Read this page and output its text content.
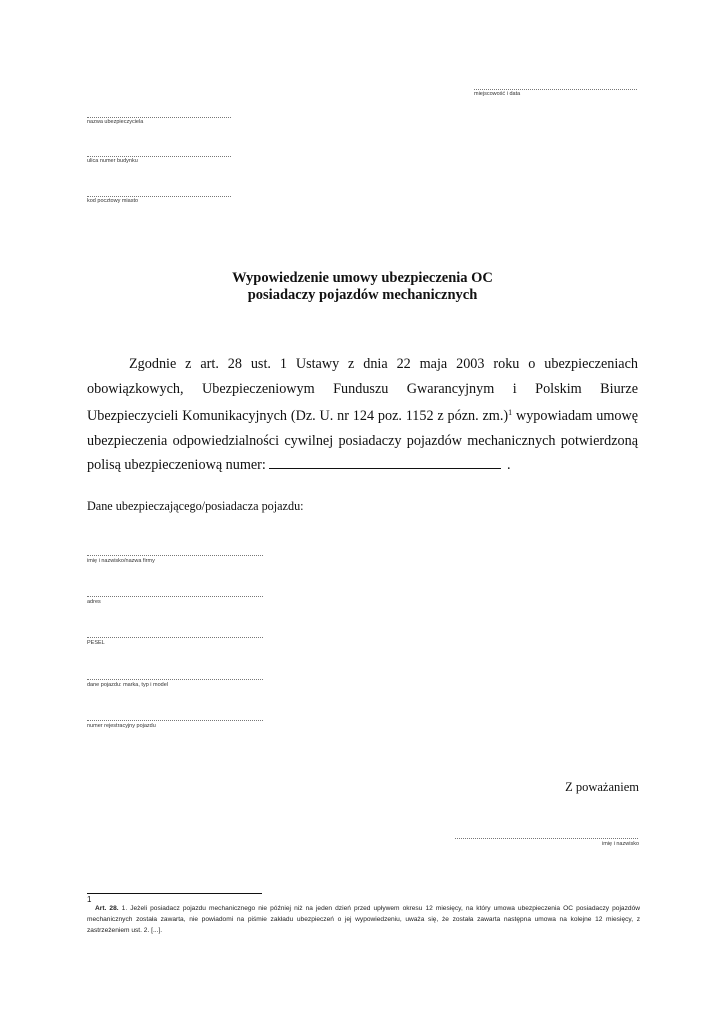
miejscowość i data
nazwa ubezpieczyciela
ulica numer budynku
kod pocztowy miasto
Wypowiedzenie umowy ubezpieczenia OC
posiadaczy pojazdów mechanicznych

Zgodnie z art. 28 ust. 1 Ustawy z dnia 22 maja 2003 roku o ubezpieczeniach obowiązkowych, Ubezpieczeniowym Funduszu Gwarancyjnym i Polskim Biurze Ubezpieczycieli Komunikacyjnych (Dz. U. nr 124 poz. 1152 z pózn. zm.)$^1$ wypowiadam umowę ubezpieczenia odpowiedzialności cywilnej posiadaczy pojazdów mechanicznych potwierdzoną polisą ubezpieczeniową numer:	.

Dane ubezpieczającego/posiadacza pojazdu:
imię i nazwisko/nazwa firmy
adres
PESEL
dane pojazdu: marka, typ i model
numer rejestracyjny pojazdu
Z poważaniem
imię i nazwisko
1
Art. 28. 1. Jeżeli posiadacz pojazdu mechanicznego nie później niż na jeden dzień przed upływem okresu 12 miesięcy, na który umowa ubezpieczenia OC posiadaczy pojazdów mechanicznych została zawarta, nie powiadomi na piśmie zakładu ubezpieczeń o jej wypowiedzeniu, uważa się, że została zawarta następna umowa na kolejne 12 miesięcy, z zastrzeżeniem ust. 2. [...].
